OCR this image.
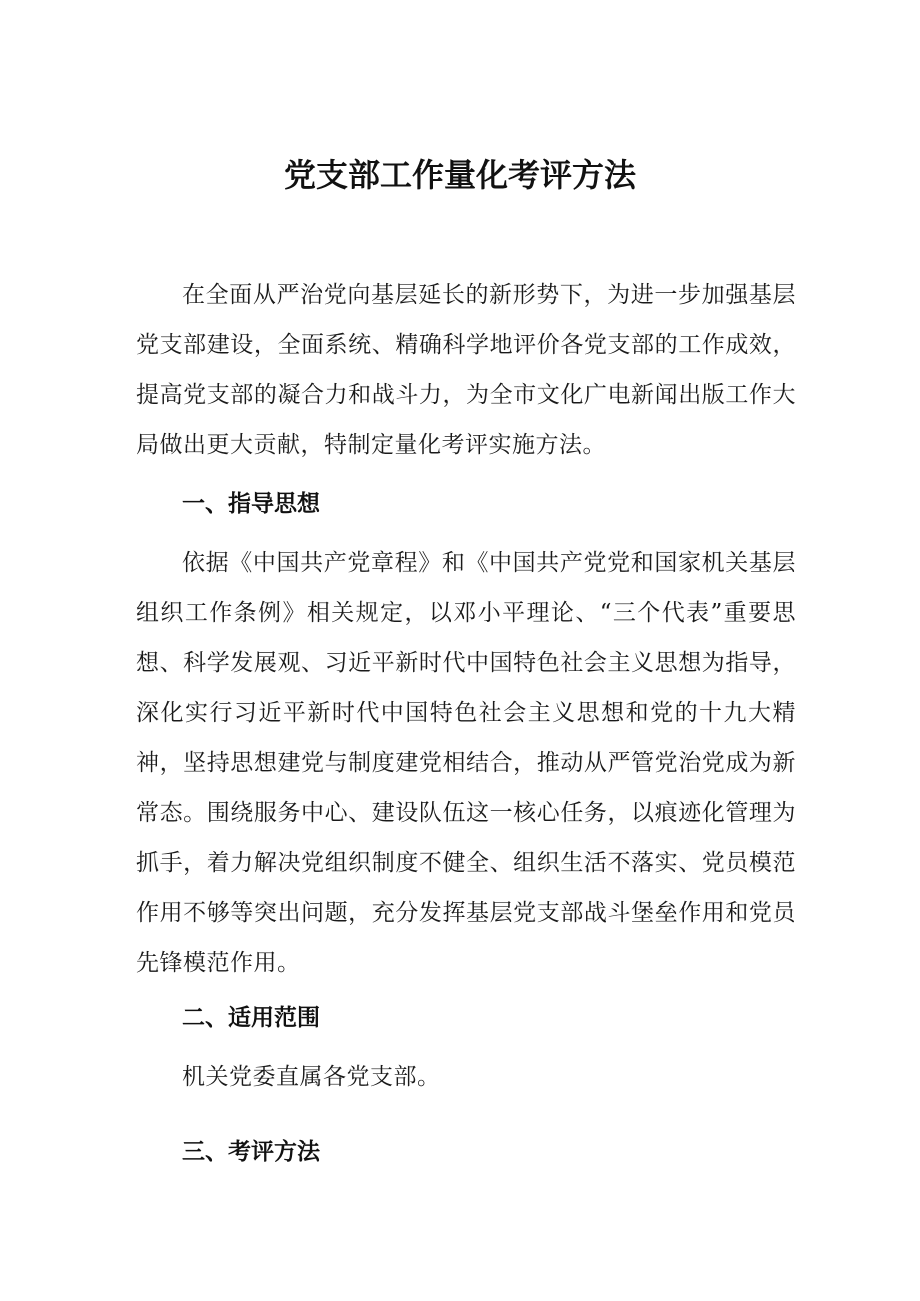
党支部工作量化考评方法

在全面从严治党向基层延长的新形势下，为进一步加强基层党支部建设，全面系统、精确科学地评价各党支部的工作成效，提高党支部的凝合力和战斗力，为全市文化广电新闻出版工作大局做出更大贡献，特制定量化考评实施方法。

一、指导思想

依据《中国共产党章程》和《中国共产党党和国家机关基层组织工作条例》相关规定，以邓小平理论、“三个代表”重要思想、科学发展观、习近平新时代中国特色社会主义思想为指导，深化实行习近平新时代中国特色社会主义思想和党的十九大精神，坚持思想建党与制度建党相结合，推动从严管党治党成为新常态。围绕服务中心、建设队伍这一核心任务，以痕迹化管理为抓手，着力解决党组织制度不健全、组织生活不落实、党员模范作用不够等突出问题，充分发挥基层党支部战斗堡垒作用和党员先锋模范作用。

二、适用范围

机关党委直属各党支部。

三、考评方法
